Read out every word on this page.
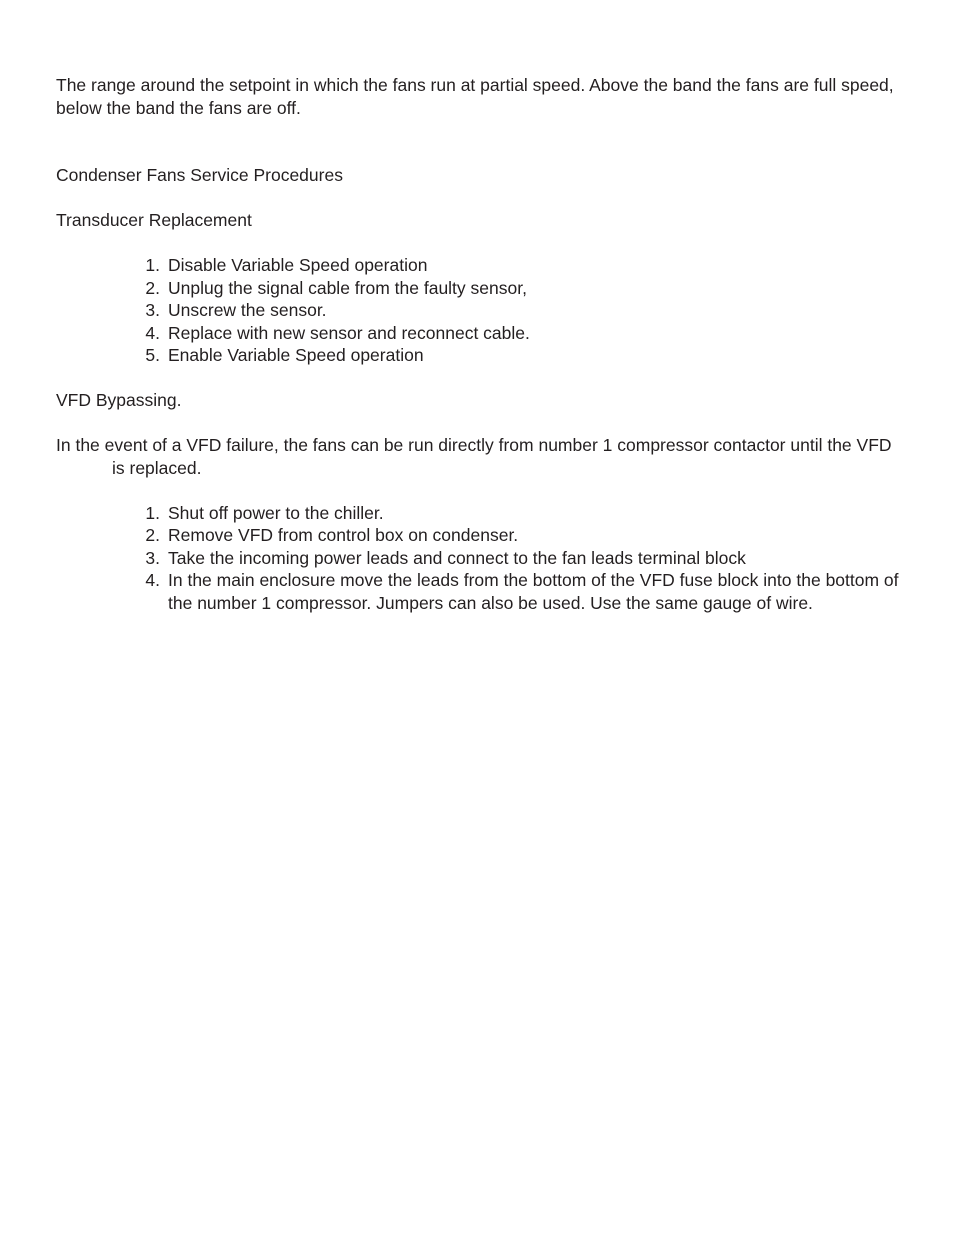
The range around the setpoint in which the fans run at partial speed. Above the band the fans are full speed, below the band the fans are off.

Condenser Fans Service Procedures

Transducer Replacement

1. Disable Variable Speed operation
2. Unplug the signal cable from the faulty sensor,
3. Unscrew the sensor.
4. Replace with new sensor and reconnect cable.
5. Enable Variable Speed operation

VFD Bypassing.

In the event of a VFD failure, the fans can be run directly from number 1 compressor contactor until the VFD is replaced.

1. Shut off power to the chiller.
2. Remove VFD from control box on condenser.
3. Take the incoming power leads and connect to the fan leads terminal block
4. In the main enclosure move the leads from the bottom of the VFD fuse block into the bottom of the number 1 compressor. Jumpers can also be used. Use the same gauge of wire.
